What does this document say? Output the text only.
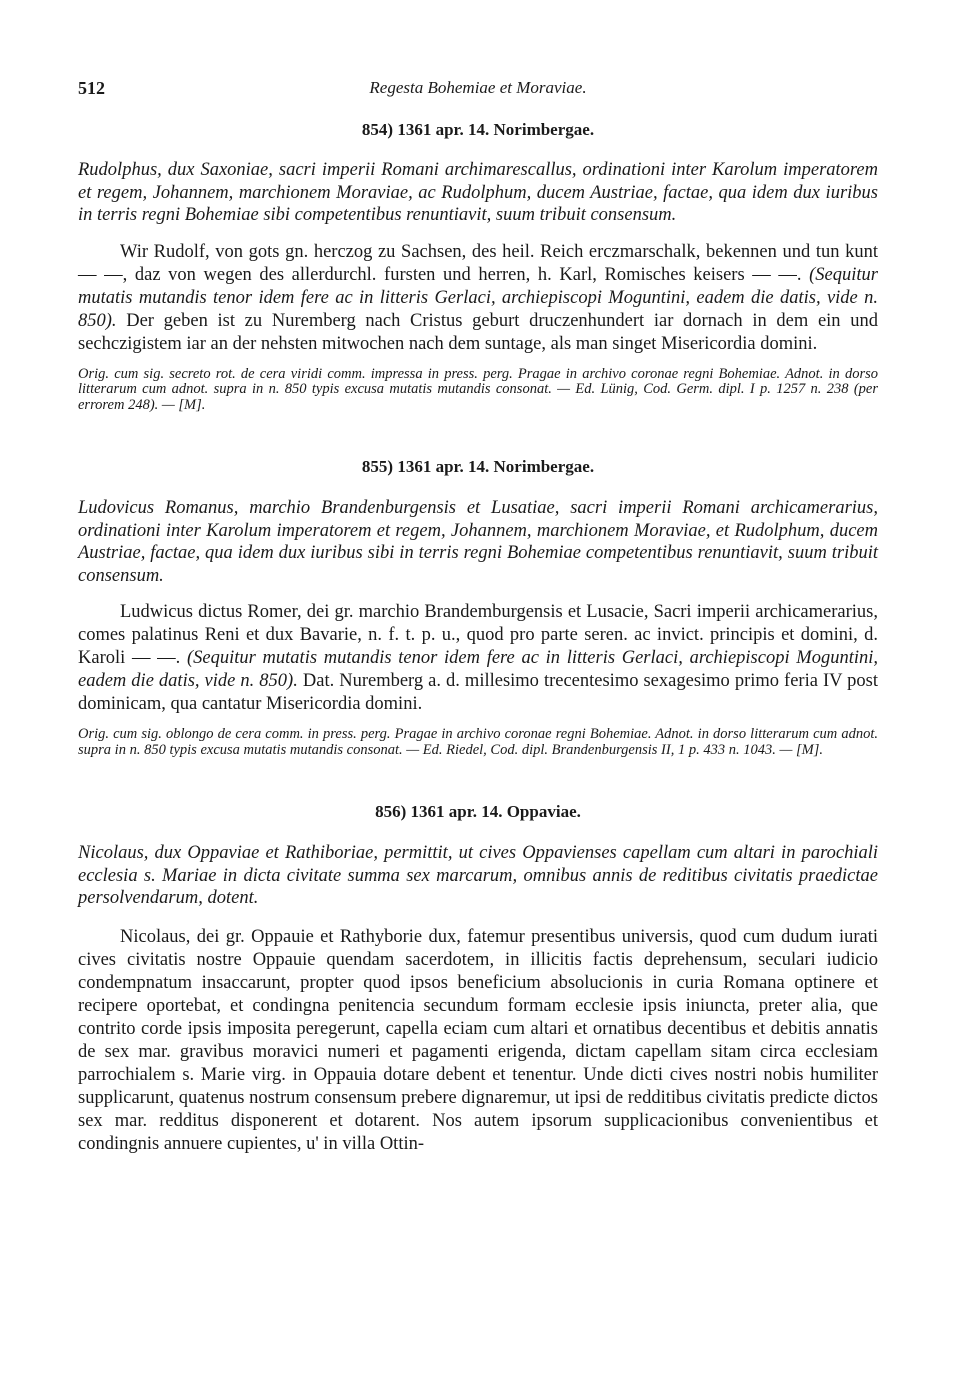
512	Regesta Bohemiae et Moraviae.

854) 1361 apr. 14. Norimbergae.

Rudolphus, dux Saxoniae, sacri imperii Romani archimarescallus, ordinationi inter Karolum imperatorem et regem, Johannem, marchionem Moraviae, ac Rudolphum, ducem Austriae, factae, qua idem dux iuribus in terris regni Bohemiae sibi competentibus renuntiavit, suum tribuit consensum.

Wir Rudolf, von gots gn. herczog zu Sachsen, des heil. Reich erczmarschalk, bekennen und tun kunt — —, daz von wegen des allerdurchl. fursten und herren, h. Karl, Romisches keisers — —. (Sequitur mutatis mutandis tenor idem fere ac in litteris Gerlaci, archiepiscopi Moguntini, eadem die datis, vide n. 850). Der geben ist zu Nuremberg nach Cristus geburt druczenhundert iar dornach in dem ein und sechczigistem iar an der nehsten mitwochen nach dem suntage, als man singet Misericordia domini.

Orig. cum sig. secreto rot. de cera viridi comm. impressa in press. perg. Pragae in archivo coronae regni Bohemiae. Adnot. in dorso litterarum cum adnot. supra in n. 850 typis excusa mutatis mutandis consonat. — Ed. Lünig, Cod. Germ. dipl. I p. 1257 n. 238 (per errorem 248). — [M].

855) 1361 apr. 14. Norimbergae.

Ludovicus Romanus, marchio Brandenburgensis et Lusatiae, sacri imperii Romani archicamerarius, ordinationi inter Karolum imperatorem et regem, Johannem, marchionem Moraviae, et Rudolphum, ducem Austriae, factae, qua idem dux iuribus sibi in terris regni Bohemiae competentibus renuntiavit, suum tribuit consensum.

Ludwicus dictus Romer, dei gr. marchio Brandemburgensis et Lusacie, Sacri imperii archicamerarius, comes palatinus Reni et dux Bavarie, n. f. t. p. u., quod pro parte seren. ac invict. principis et domini, d. Karoli — —. (Sequitur mutatis mutandis tenor idem fere ac in litteris Gerlaci, archiepiscopi Moguntini, eadem die datis, vide n. 850). Dat. Nuremberg a. d. millesimo trecentesimo sexagesimo primo feria IV post dominicam, qua cantatur Misericordia domini.

Orig. cum sig. oblongo de cera comm. in press. perg. Pragae in archivo coronae regni Bohemiae. Adnot. in dorso litterarum cum adnot. supra in n. 850 typis excusa mutatis mutandis consonat. — Ed. Riedel, Cod. dipl. Brandenburgensis II, 1 p. 433 n. 1043. — [M].

856) 1361 apr. 14. Oppaviae.

Nicolaus, dux Oppaviae et Rathiboriae, permittit, ut cives Oppavienses capellam cum altari in parochiali ecclesia s. Mariae in dicta civitate summa sex marcarum, omnibus annis de reditibus civitatis praedictae persolvendarum, dotent.

Nicolaus, dei gr. Oppauie et Rathyborie dux, fatemur presentibus universis, quod cum dudum iurati cives civitatis nostre Oppauie quendam sacerdotem, in illicitis factis deprehensum, seculari iudicio condempnatum insaccarunt, propter quod ipsos beneficium absolucionis in curia Romana optinere et recipere oportebat, et condingna penitencia secundum formam ecclesie ipsis iniuncta, preter alia, que contrito corde ipsis imposita peregerunt, capella eciam cum altari et ornatibus decentibus et debitis annatis de sex mar. gravibus moravici numeri et pagamenti erigenda, dictam capellam sitam circa ecclesiam parrochialem s. Marie virg. in Oppauia dotare debent et tenentur. Unde dicti cives nostri nobis humiliter supplicarunt, quatenus nostrum consensum prebere dignaremur, ut ipsi de redditibus civitatis predicte dictos sex mar. redditus disponerent et dotarent. Nos autem ipsorum supplicacionibus convenientibus et condingnis annuere cupientes, u' in villa Ottin-
